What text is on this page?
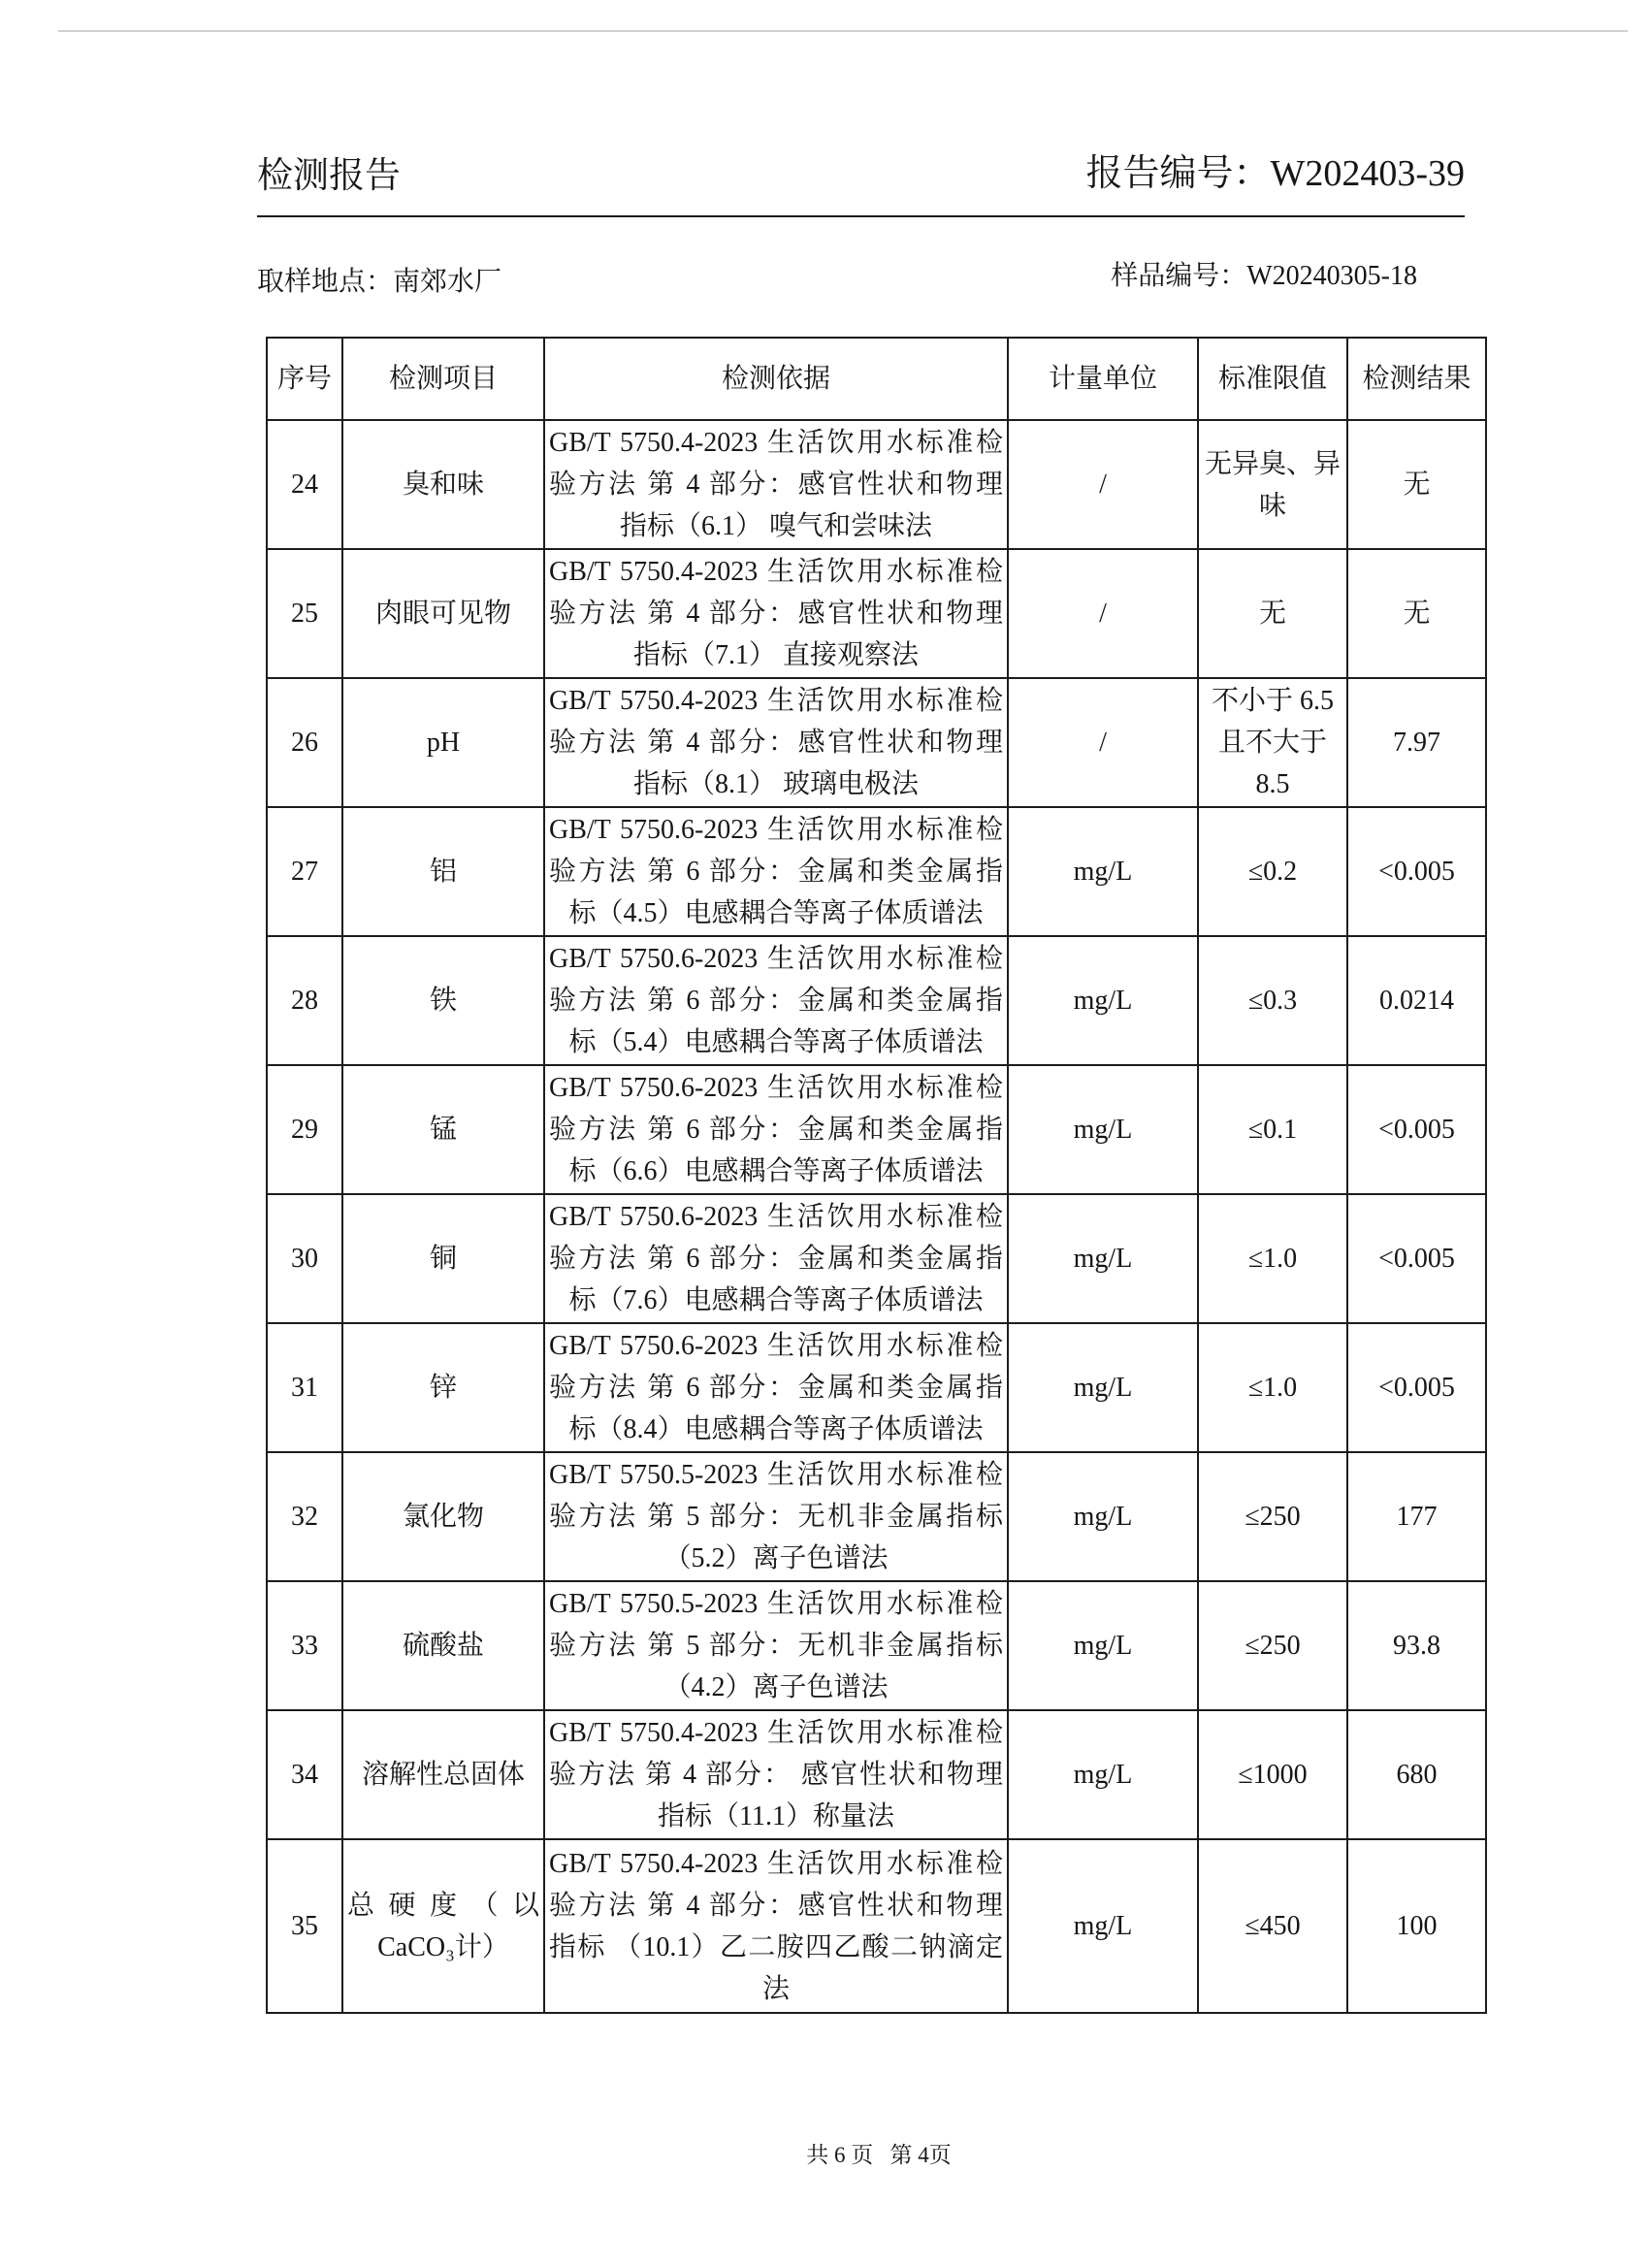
检测报告	报告编号：W202403-39
取样地点：南郊水厂	样品编号：W20240305-18
序号	检测项目	检测依据	计量单位	标准限值	检测结果
24	臭和味	GB/T 5750.4-2023 生活饮用水标准检
验方法 第 4 部分：感官性状和物理
指标（6.1） 嗅气和尝味法	/	无异臭、异
味	无
25	肉眼可见物	GB/T 5750.4-2023 生活饮用水标准检
验方法 第 4 部分：感官性状和物理
指标（7.1） 直接观察法	/	无	无
26	pH	GB/T 5750.4-2023 生活饮用水标准检
验方法 第 4 部分：感官性状和物理
指标（8.1） 玻璃电极法	/	不小于 6.5
且不大于
8.5	7.97
27	铝	GB/T 5750.6-2023 生活饮用水标准检
验方法 第 6 部分：金属和类金属指
标（4.5）电感耦合等离子体质谱法	mg/L	≤0.2	<0.005
28	铁	GB/T 5750.6-2023 生活饮用水标准检
验方法 第 6 部分：金属和类金属指
标（5.4）电感耦合等离子体质谱法	mg/L	≤0.3	0.0214
29	锰	GB/T 5750.6-2023 生活饮用水标准检
验方法 第 6 部分：金属和类金属指
标（6.6）电感耦合等离子体质谱法	mg/L	≤0.1	<0.005
30	铜	GB/T 5750.6-2023 生活饮用水标准检
验方法 第 6 部分：金属和类金属指
标（7.6）电感耦合等离子体质谱法	mg/L	≤1.0	<0.005
31	锌	GB/T 5750.6-2023 生活饮用水标准检
验方法 第 6 部分：金属和类金属指
标（8.4）电感耦合等离子体质谱法	mg/L	≤1.0	<0.005
32	氯化物	GB/T 5750.5-2023 生活饮用水标准检
验方法 第 5 部分：无机非金属指标
（5.2）离子色谱法	mg/L	≤250	177
33	硫酸盐	GB/T 5750.5-2023 生活饮用水标准检
验方法 第 5 部分：无机非金属指标
（4.2）离子色谱法	mg/L	≤250	93.8
34	溶解性总固体	GB/T 5750.4-2023 生活饮用水标准检
验方法 第 4 部分： 感官性状和物理
指标（11.1）称量法	mg/L	≤1000	680
35	总硬度（以
CaCO₃计）	GB/T 5750.4-2023 生活饮用水标准检
验方法 第 4 部分：感官性状和物理
指标 （10.1）乙二胺四乙酸二钠滴定
法	mg/L	≤450	100
共 6 页   第 4页
